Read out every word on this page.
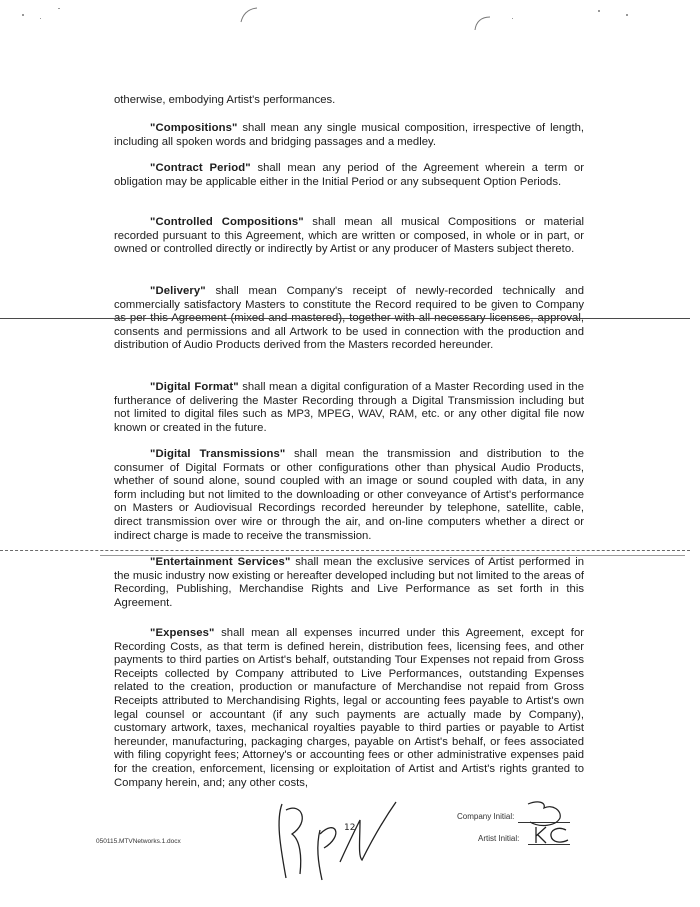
otherwise, embodying Artist's performances.

"Compositions" shall mean any single musical composition, irrespective of length, including all spoken words and bridging passages and a medley.

"Contract Period" shall mean any period of the Agreement wherein a term or obligation may be applicable either in the Initial Period or any subsequent Option Periods.

"Controlled Compositions" shall mean all musical Compositions or material recorded pursuant to this Agreement, which are written or composed, in whole or in part, or owned or controlled directly or indirectly by Artist or any producer of Masters subject thereto.

"Delivery" shall mean Company's receipt of newly-recorded technically and commercially satisfactory Masters to constitute the Record required to be given to Company as per this Agreement (mixed and mastered), together with all necessary licenses, approval, consents and permissions and all Artwork to be used in connection with the production and distribution of Audio Products derived from the Masters recorded hereunder.

"Digital Format" shall mean a digital configuration of a Master Recording used in the furtherance of delivering the Master Recording through a Digital Transmission including but not limited to digital files such as MP3, MPEG, WAV, RAM, etc. or any other digital file now known or created in the future.

"Digital Transmissions" shall mean the transmission and distribution to the consumer of Digital Formats or other configurations other than physical Audio Products, whether of sound alone, sound coupled with an image or sound coupled with data, in any form including but not limited to the downloading or other conveyance of Artist's performance on Masters or Audiovisual Recordings recorded hereunder by telephone, satellite, cable, direct transmission over wire or through the air, and on-line computers whether a direct or indirect charge is made to receive the transmission.

"Entertainment Services" shall mean the exclusive services of Artist performed in the music industry now existing or hereafter developed including but not limited to the areas of Recording, Publishing, Merchandise Rights and Live Performance as set forth in this Agreement.

"Expenses" shall mean all expenses incurred under this Agreement, except for Recording Costs, as that term is defined herein, distribution fees, licensing fees, and other payments to third parties on Artist's behalf, outstanding Tour Expenses not repaid from Gross Receipts collected by Company attributed to Live Performances, outstanding Expenses related to the creation, production or manufacture of Merchandise not repaid from Gross Receipts attributed to Merchandising Rights, legal or accounting fees payable to Artist's own legal counsel or accountant (if any such payments are actually made by Company), customary artwork, taxes, mechanical royalties payable to third parties or payable to Artist hereunder, manufacturing, packaging charges, payable on Artist's behalf, or fees associated with filing copyright fees; Attorney's or accounting fees or other administrative expenses paid for the creation, enforcement, licensing or exploitation of Artist and Artist's rights granted to Company herein, and; any other costs,

050115.MTVNetworks.1.docx
12
Company Initial:
Artist Initial:
